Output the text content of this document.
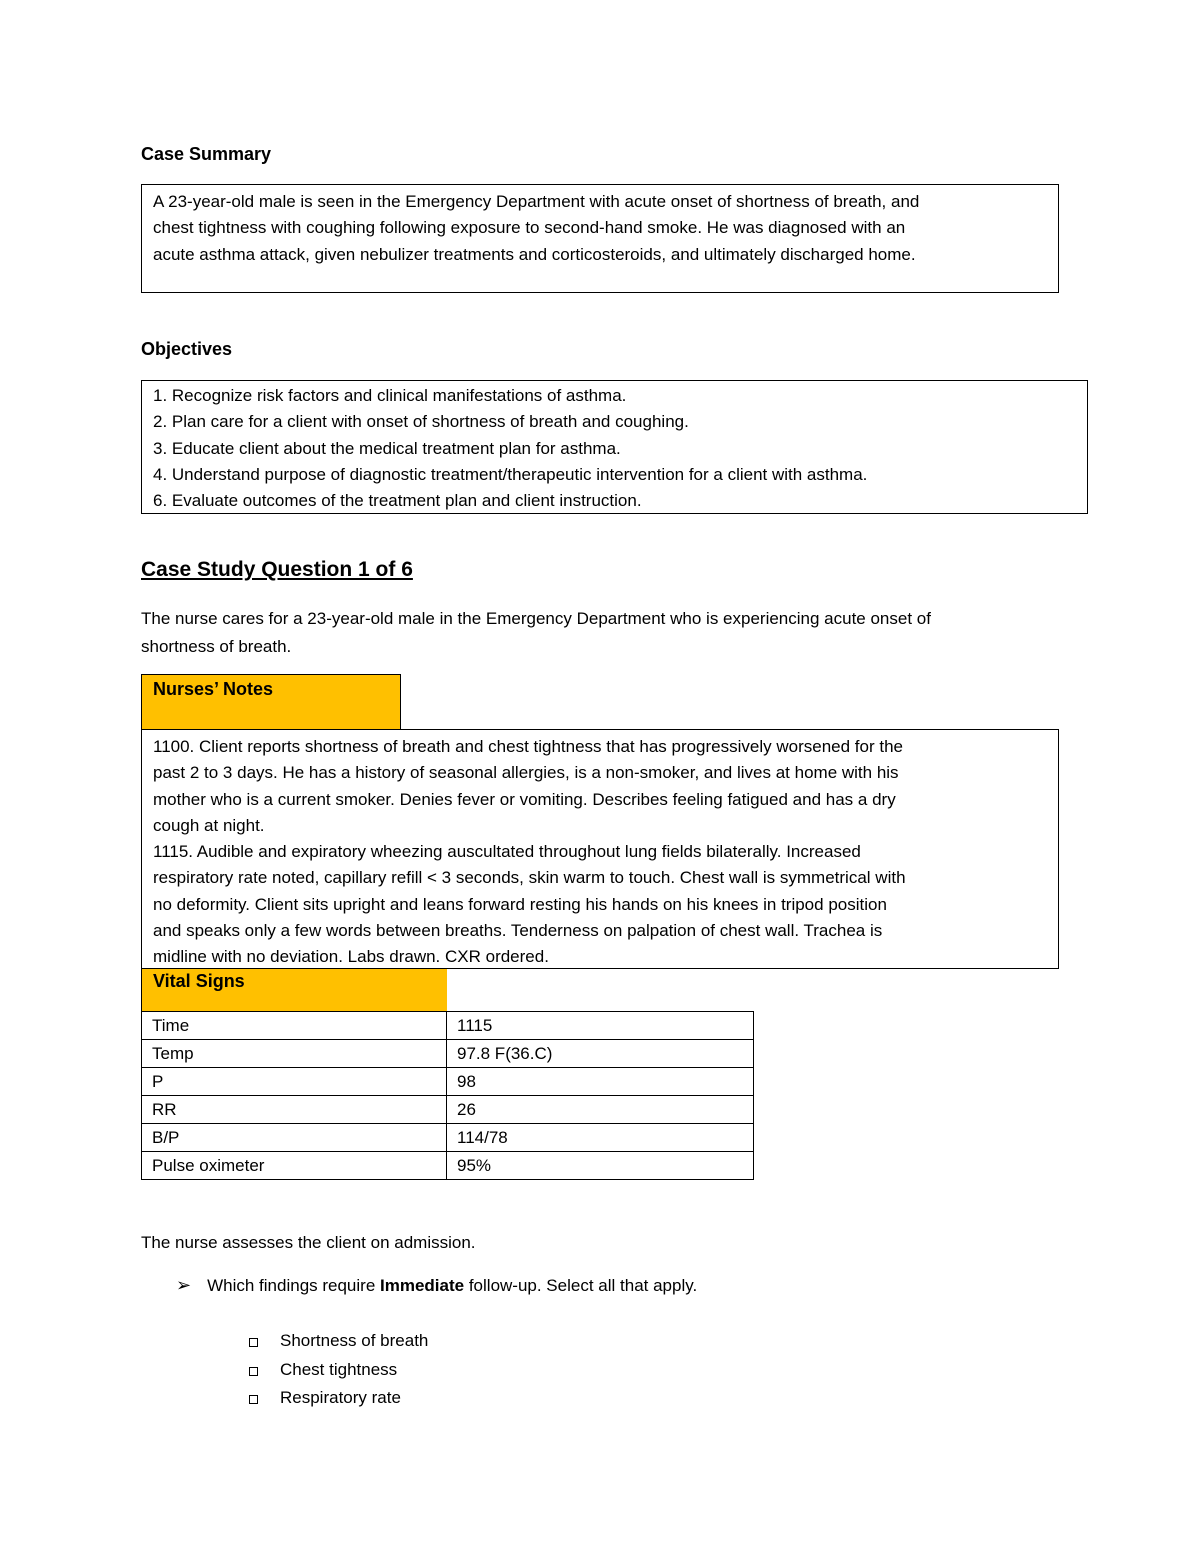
Case Summary
A 23-year-old male is seen in the Emergency Department with acute onset of shortness of breath, and
chest tightness with coughing following exposure to second-hand smoke. He was diagnosed with an
acute asthma attack, given nebulizer treatments and corticosteroids, and ultimately discharged home.
Objectives
1. Recognize risk factors and clinical manifestations of asthma.
2. Plan care for a client with onset of shortness of breath and coughing.
3. Educate client about the medical treatment plan for asthma.
4. Understand purpose of diagnostic treatment/therapeutic intervention for a client with asthma.
6. Evaluate outcomes of the treatment plan and client instruction.
Case Study Question 1 of 6
The nurse cares for a 23-year-old male in the Emergency Department who is experiencing acute onset of
shortness of breath.
Nurses’ Notes
1100. Client reports shortness of breath and chest tightness that has progressively worsened for the
past 2 to 3 days. He has a history of seasonal allergies, is a non-smoker, and lives at home with his
mother who is a current smoker. Denies fever or vomiting. Describes feeling fatigued and has a dry
cough at night.
1115. Audible and expiratory wheezing auscultated throughout lung fields bilaterally. Increased
respiratory rate noted, capillary refill < 3 seconds, skin warm to touch. Chest wall is symmetrical with
no deformity. Client sits upright and leans forward resting his hands on his knees in tripod position
and speaks only a few words between breaths. Tenderness on palpation of chest wall. Trachea is
midline with no deviation. Labs drawn. CXR ordered.
Vital Signs
Time	1115
Temp	97.8 F(36.C)
P	98
RR	26
B/P	114/78
Pulse oximeter	95%
The nurse assesses the client on admission.
➢ Which findings require Immediate follow-up. Select all that apply.
Shortness of breath
Chest tightness
Respiratory rate
